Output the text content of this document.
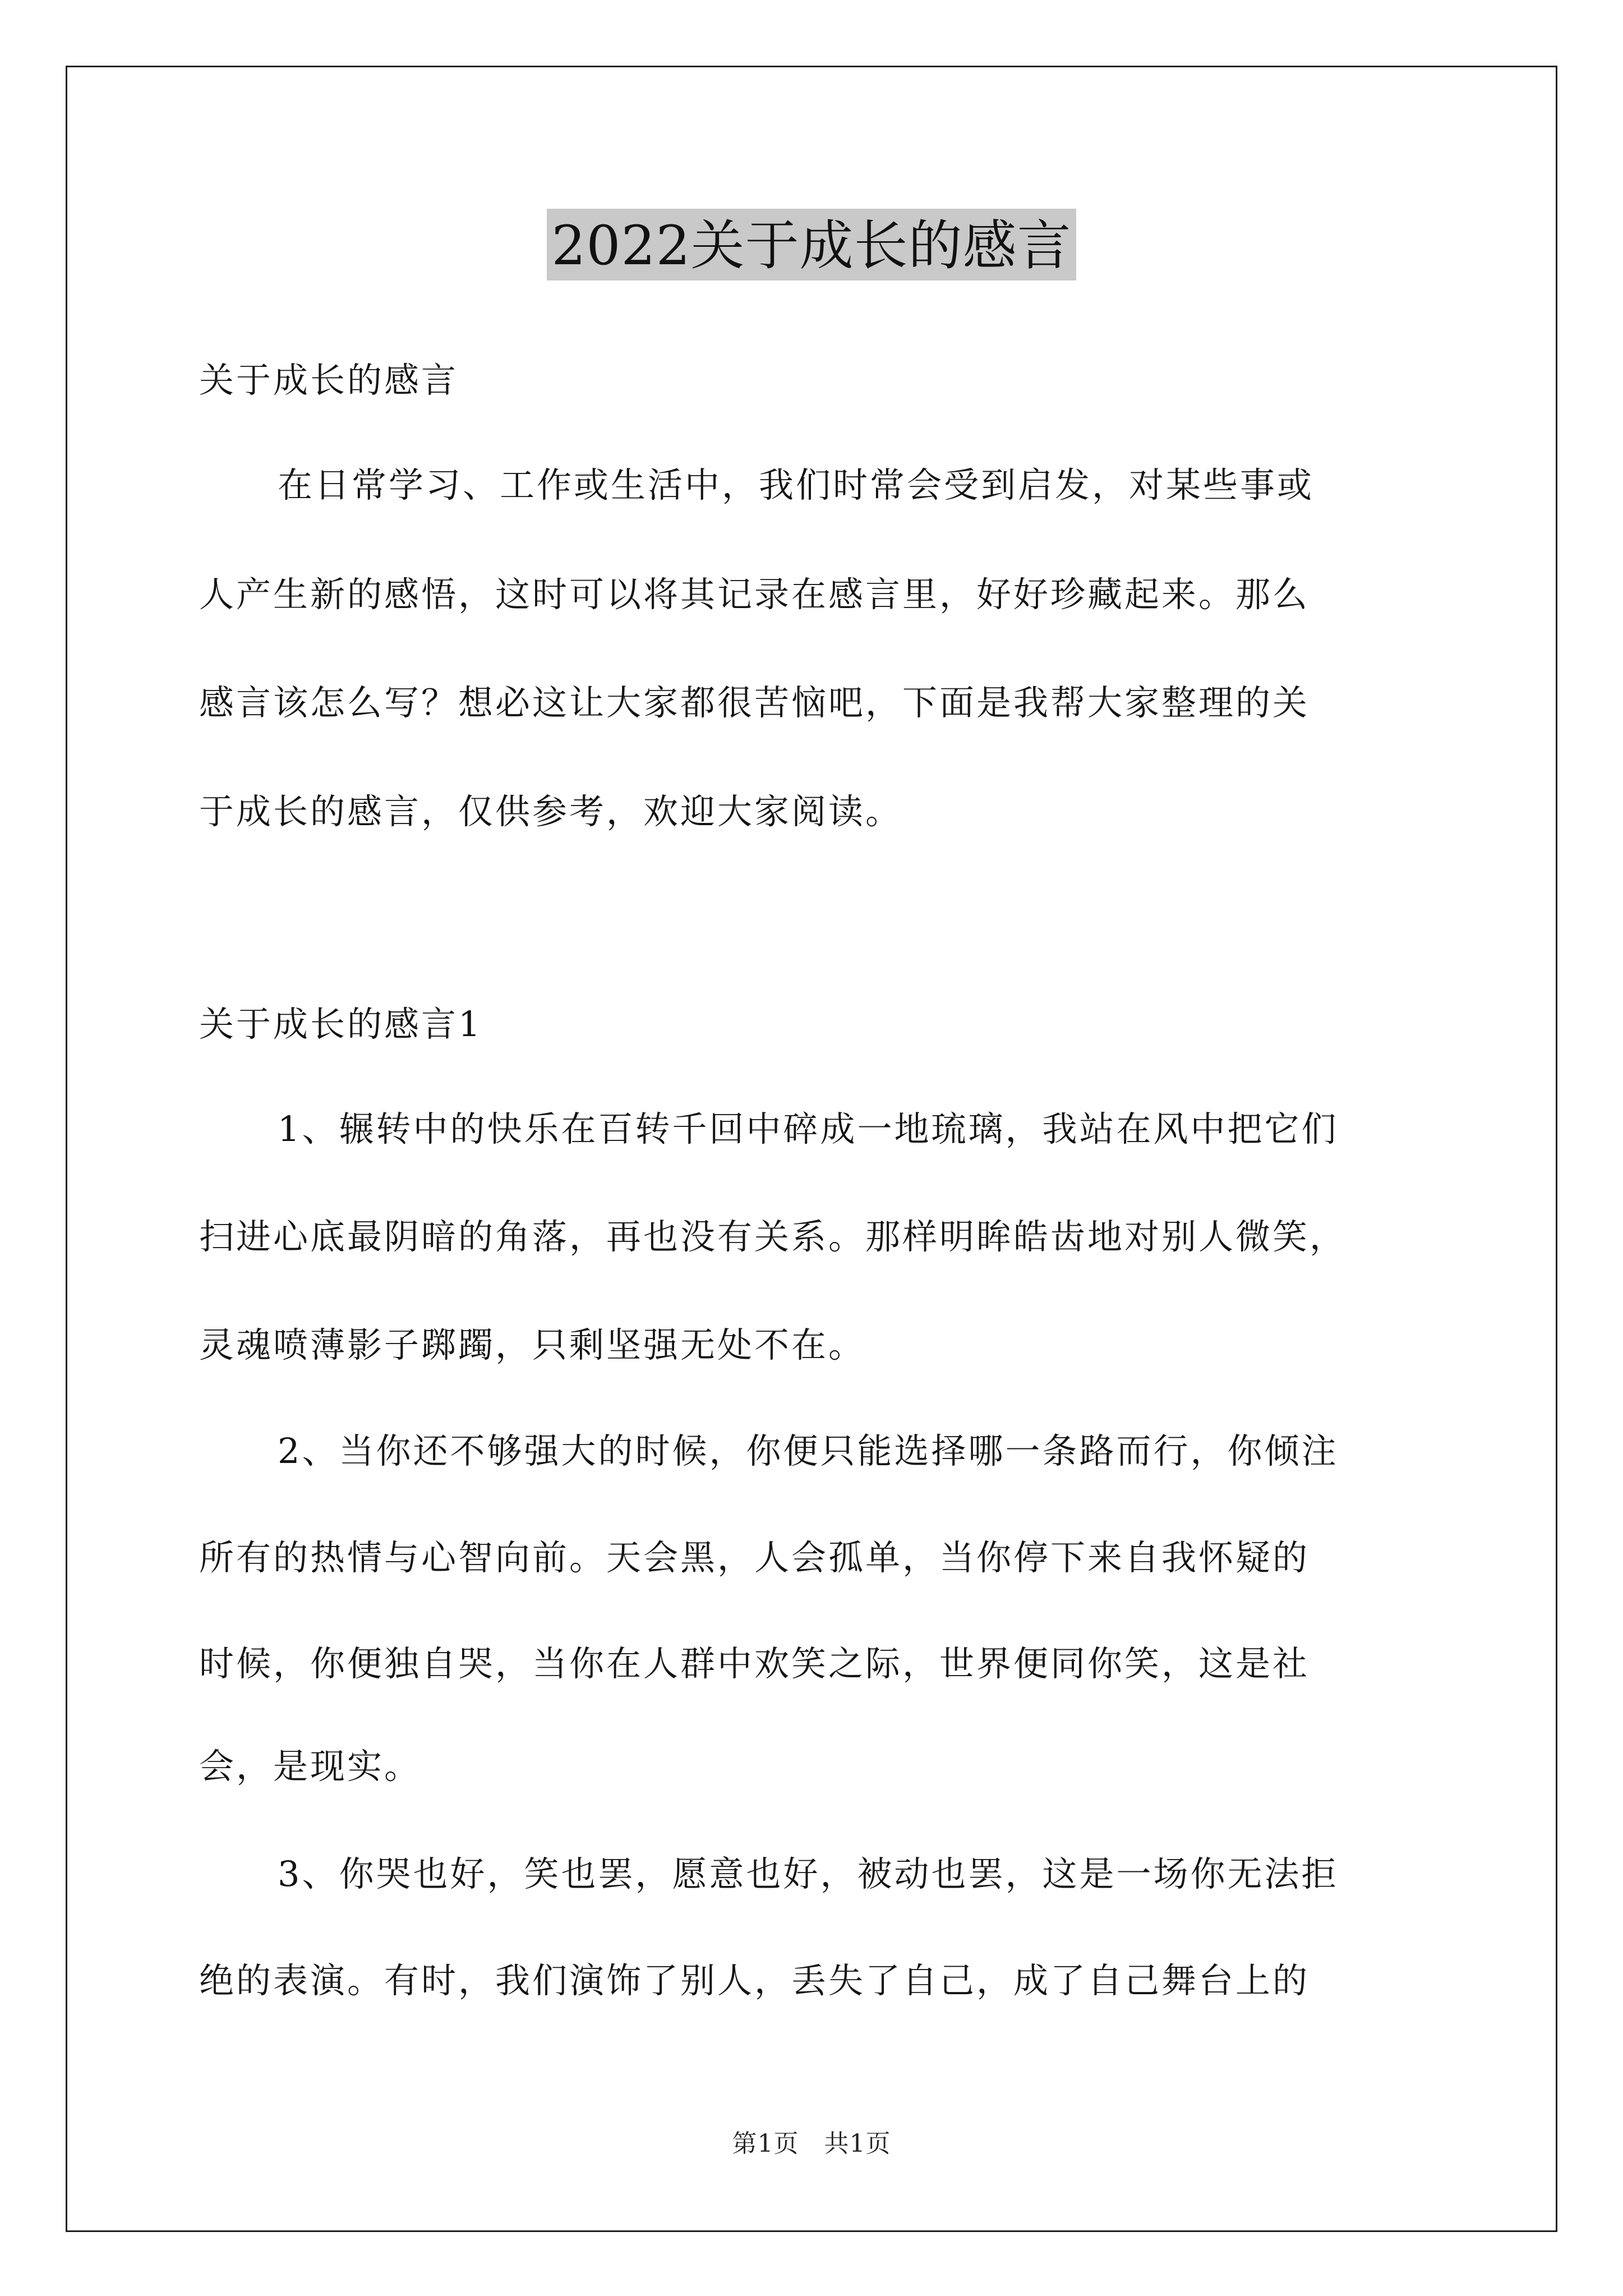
2022关于成长的感言
关于成长的感言
在日常学习、工作或生活中，我们时常会受到启发，对某些事或
人产生新的感悟，这时可以将其记录在感言里，好好珍藏起来。那么
感言该怎么写？想必这让大家都很苦恼吧，下面是我帮大家整理的关
于成长的感言，仅供参考，欢迎大家阅读。
关于成长的感言1
1、辗转中的快乐在百转千回中碎成一地琉璃，我站在风中把它们
扫进心底最阴暗的角落，再也没有关系。那样明眸皓齿地对别人微笑，
灵魂喷薄影子踯躅，只剩坚强无处不在。
2、当你还不够强大的时候，你便只能选择哪一条路而行，你倾注
所有的热情与心智向前。天会黑，人会孤单，当你停下来自我怀疑的
时候，你便独自哭，当你在人群中欢笑之际，世界便同你笑，这是社
会，是现实。
3、你哭也好，笑也罢，愿意也好，被动也罢，这是一场你无法拒
绝的表演。有时，我们演饰了别人，丢失了自己，成了自己舞台上的
第1页　共1页
